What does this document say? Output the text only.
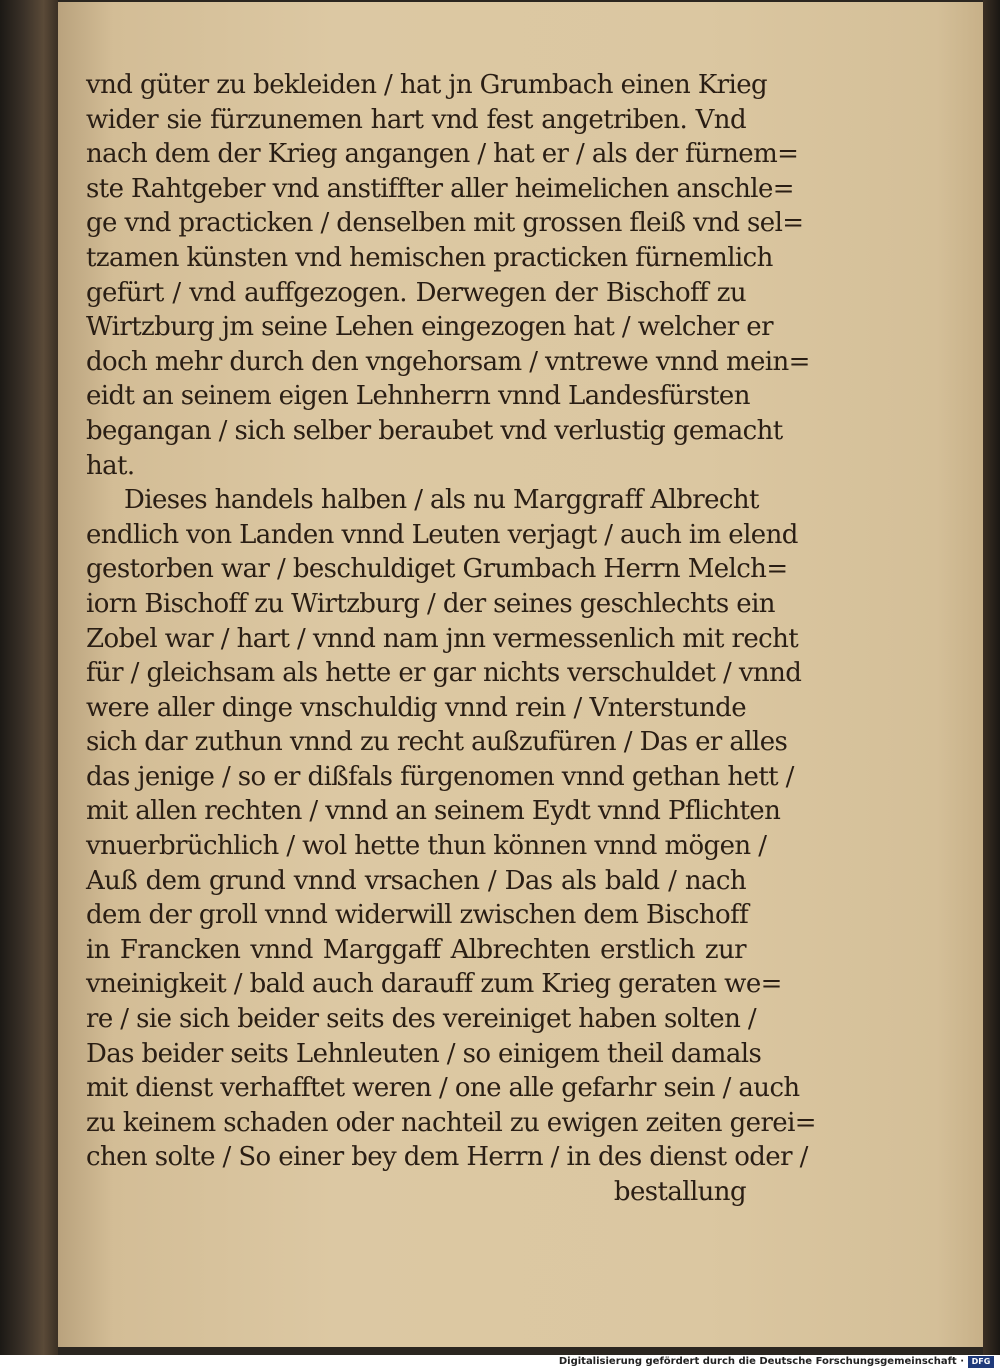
vnd güter zu bekleiden / hat jn Grumbach einen Krieg
wider sie fürzunemen hart vnd fest angetriben. Vnd
nach dem der Krieg angangen / hat er / als der fürnem=
ste Rahtgeber vnd anstiffter aller heimelichen anschle=
ge vnd practicken / denselben mit grossen fleiß vnd sel=
tzamen künsten vnd hemischen practicken fürnemlich
gefürt / vnd auffgezogen. Derwegen der Bischoff zu
Wirtzburg jm seine Lehen eingezogen hat / welcher er
doch mehr durch den vngehorsam / vntrewe vnnd mein=
eidt an seinem eigen Lehnherrn vnnd Landesfürsten
begangan / sich selber beraubet vnd verlustig gemacht
hat.
Dieses handels halben / als nu Marggraff Albrecht
endlich von Landen vnnd Leuten verjagt / auch im elend
gestorben war / beschuldiget Grumbach Herrn Melch=
iorn Bischoff zu Wirtzburg / der seines geschlechts ein
Zobel war / hart / vnnd nam jnn vermessenlich mit recht
für / gleichsam als hette er gar nichts verschuldet / vnnd
were aller dinge vnschuldig vnnd rein / Vnterstunde
sich dar zuthun vnnd zu recht außzufüren / Das er alles
das jenige / so er dißfals fürgenomen vnnd gethan hett /
mit allen rechten / vnnd an seinem Eydt vnnd Pflichten
vnuerbrüchlich / wol hette thun können vnnd mögen /
Auß dem grund vnnd vrsachen / Das als bald / nach
dem der groll vnnd widerwill zwischen dem Bischoff
in Francken vnnd Marggaff Albrechten erstlich zur
vneinigkeit / bald auch darauff zum Krieg geraten we=
re / sie sich beider seits des vereiniget haben solten /
Das beider seits Lehnleuten / so einigem theil damals
mit dienst verhafftet weren / one alle gefarhr sein / auch
zu keinem schaden oder nachteil zu ewigen zeiten gerei=
chen solte / So einer bey dem Herrn / in des dienst oder /
bestallung
Digitalisierung gefördert durch die Deutsche Forschungsgemeinschaft · DFG
